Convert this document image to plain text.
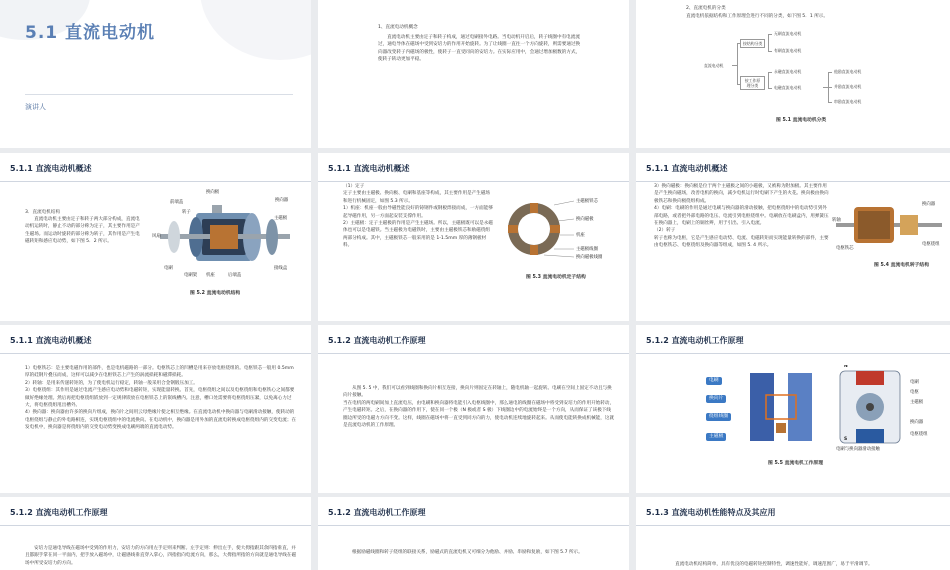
5.1 直流电动机
演讲人
1、直流电动机概念
直流电动机主要由定子和转子构成，通过电刷接外电路。当电动机开启后，转子线圈中有电流流过，通电导体在磁场中受到安培力的作用开始旋转。为了让线圈一直往一个方向旋转，则需要通过换向器改变转子内磁场的极性，使转子一直受同向的安培力。在实际应用中，会通过增加极数的方式，使转子转动更加平稳。
2、直流电机的分类
直流电机依据结构和工作原理会进行不同的分类，如下图 5．1 所示。
直流电动机
按结构分类
按工作原理分类
无刷直流电动机
有刷直流电动机
永磁直流电动机
电磁直流电动机
他励直流电动机
并励直流电动机
串励直流电动机
图 5.1 直流电动机分类
5.1.1 直流电动机概述
3．直流电机结构
直流电动机主要由定子和转子两大部分构成，直流电动机运转时，静止不动的部分称为定子，其主要作用是产生磁场。而运动时旋转的部分称为转子，其作用是产生电磁转矩和感应电动势，如下图 5．2 所示。
换向极
前端盖
转子
风扇
电刷
电刷架 机座
换向器
主磁极
后端盖
接线盒
图 5.2 直流电动机结构
5.1.1 直流电动机概述
（1）定子
定子主要由主磁极、换向极、电刷和基座等构成，其主要作用是产生磁场和进行机械固定，如图 5.3 所示。
1）机座：机座一般由导磁性能良好的铸钢件或钢板焊接而成，一方面能够起导磁作用，另一方面起安装支撑作用。
2）主磁极：定子主磁极的作用是产生主磁场。所以，主磁极既可以是永磁体也可以是电磁铁。当主磁极为电磁铁时，主要由主磁极铁芯和励磁绕组两部分构成。其中，主磁极铁芯一般采用的是 1-1.5mm 厚的薄钢板材料。
主磁极铁芯
换向磁极
机座
主磁极线圈
换向磁极线圈
图 5.3 直流电动机定子结构
5.1.1 直流电动机概述
3）换向磁极：换向极是位于两个主磁极之间的小磁极，又被称为附加极。其主要作用是产生换向磁场，改善电机的换向，减少电机运行时电刷下产生的火花。换向极由换向极铁芯和换向极绕组构成。
4）电刷：电刷的作用是通过电刷与换向器的滑动接触，把电枢绕组中的电动势引到外部电路，或者把外部电路的电压、电流引到电枢绕组中。电刷放在电刷盒内，用弹簧压在换向器上，电刷上的铜丝辫，用于引出、引入电流。
（2）转子
转子也称为电枢，它是产生感应电动势、电流、电磁转矩而实现能量转换的部件，主要由电枢铁芯、电枢绕组及换向器等组成，如图 5. 4 所示。
转轴
电枢铁芯
换向器
电枢绕组
图 5.4 直流电机转子结构
5.1.1 直流电动机概述
1）电枢铁芯：是主要电磁作用的部件，也是电机磁路的一部分。电枢铁芯上的凹槽是用来存放电枢绕组的。电枢铁芯一般用 0.5mm 厚的硅钢片叠压而成，这样可以减少在电枢铁芯上产生的涡流损耗和磁滞损耗。
2）转轴：是用来传递转矩的，为了使电机运行稳定，转轴一般采用合金钢锻压加工。
3）电枢绕组：其作用是通过电流产生感应电动势和电磁转矩，实现能量转换。首先，电枢绕组之间以及电枢绕组和电枢铁心之间都要做好绝缘处理。然后再把电枢绕组嵌放到一定规律嵌放在电枢铁芯上的嵌线槽内。注意，槽口处需要将电枢绕组压紧，以免离心力过大，将电枢绕组甩出槽外。
4）换向器：换向器由许多的换向片组成，换向片之间用云母绝缘片使之相互绝缘。在直流电动机中换向器与电刷滑动接触，使转动的电枢绕组与静止的外电路相连，实现电枢绕组中的电流换向。在电动机中，换向器是用外加的直流电转换成电枢绕组内的交变电流；在发电机中，换向器是将绕组内的交变电动势变换成电刷两端的直流电动势。
5.1.2 直流电动机工作原理
从图 5. 5 中，我们可以看到线圈和换向片相互连接，换向片则固定在转轴上，随电机轴一起旋转。电刷在空间上固定不动且与换向片接触。
当在电机的两电刷间加上直流电压，由电刷和换向器将电能引入电枢线圈中，那么通电的线圈在磁场中将受到安培力的作用开始转动，产生电磁转矩。之后，在换向器的作用下，使在同一个极（N 极或者 S 极）下线圈边中的电流始终是一个方向，从而保证了该极下线圈边所受的电磁力方向不变。这样，线圈在磁场中将一直受到同方向的力，使电动机连续地旋转起来。从而使电能转换成机械能，这就是直流电动机的工作原理。
5.1.2 直流电动机工作原理
电刷
换向片
绕组线圈
主磁极
N
S
电刷
电枢
主磁极
换向器
电枢绕组
电刷与换向器滑动接触
图 5.5 直流电机工作原理
5.1.2 直流电动机工作原理
安培力是通电导线在磁场中受到的作用力，安培力的方向用左手定则来判断。左手定则：伸出左手，使大拇指跟其余四指垂直，并且都跟手掌在同一平面内，把手放入磁场中，让磁感线垂直穿入掌心，四指指向电流方向，那么，大拇指所指的方向就是通电导线在磁场中所受安培力的方向。
5.1.2 直流电动机工作原理
根据励磁线圈和转子绕组的联接关系，励磁式的直流电机又可细分为他励、并励、串励和复励，如下图 5.7 所示。
5.1.3 直流电动机性能特点及其应用
直流电动机结构简单，具有优良的电磁转矩控制特性，调速性能好，调速范围广，易于平滑调节。
